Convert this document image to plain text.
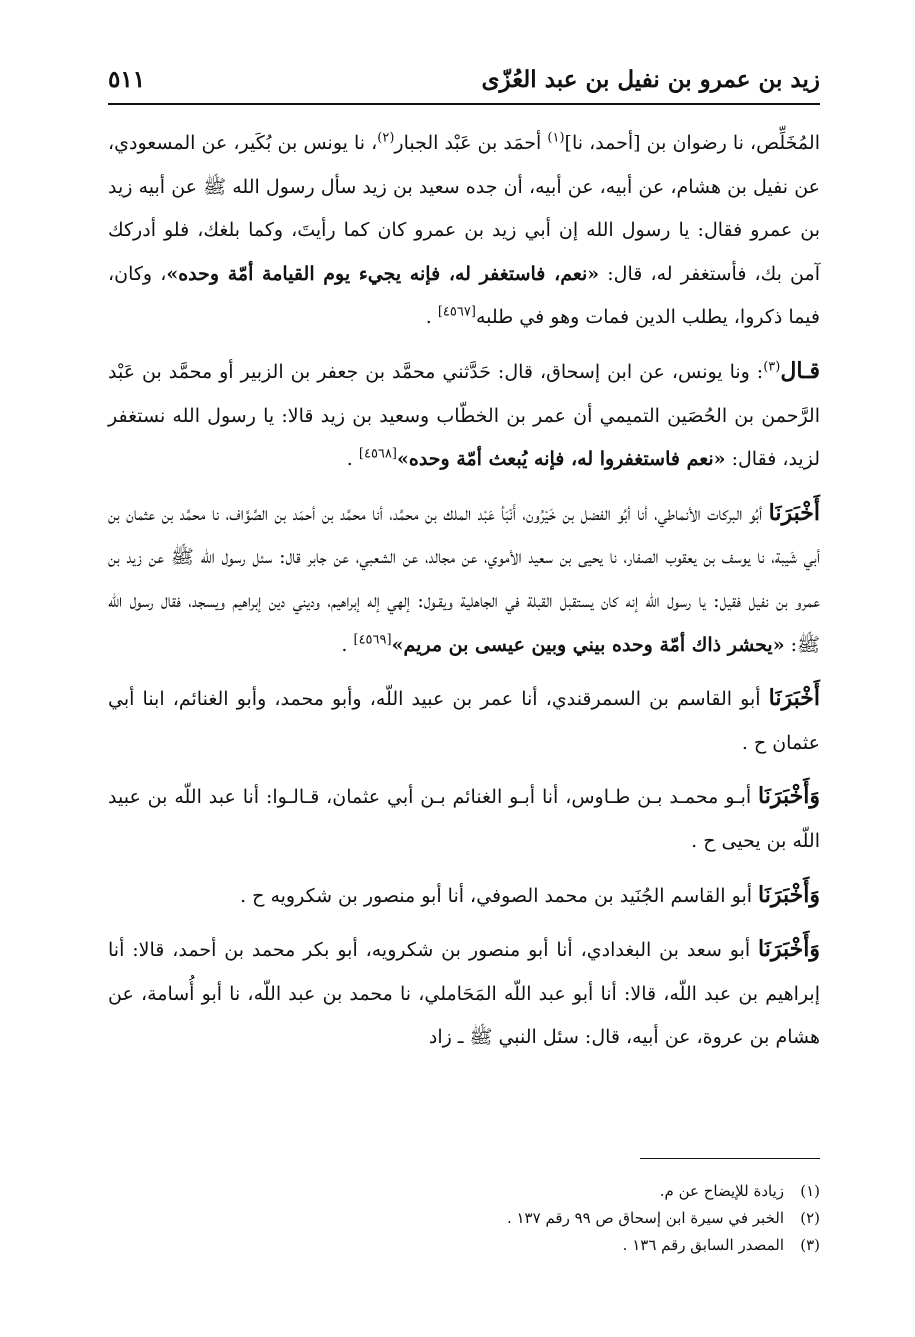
زيد بن عمرو بن نفيل بن عبد العُزّى
٥١١

المُخَلِّص، نا رضوان بن [أحمد، نا]$^{(١)}$ أحمَد بن عَبْد الجبار$^{(٢)}$، نا يونس بن بُكَير، عن المسعودي، عن نفيل بن هشام، عن أبيه، عن أبيه، أن جده سعيد بن زيد سأل رسول الله ﷺ عن أبيه زيد بن عمرو فقال: يا رسول الله إن أبي زيد بن عمرو كان كما رأيتَ، وكما بلغك، فلو أدركك آمن بك، فأستغفر له، قال: «نعم، فاستغفر له، فإنه يجيء يوم القيامة أمّة وحده»، وكان، فيما ذكروا، يطلب الدين فمات وهو في طلبه[٤٥٦٧] .

قـال$^{(٣)}$: ونا يونس، عن ابن إسحاق، قال: حَدَّثني محمَّد بن جعفر بن الزبير أو محمَّد بن عَبْد الرَّحمن بن الحُصَين التميمي أن عمر بن الخطّاب وسعيد بن زيد قالا: يا رسول الله نستغفر لزيد، فقال: «نعم فاستغفروا له، فإنه يُبعث أمّة وحده»[٤٥٦٨] .

أَخْبَرَنَا أبُو البركات الأنماطي، أنا أبُو الفضل بن خَيْرُون، أَنْبَأ عَبْد الملك بن محمَّد، أنا محمَّد بن أحمَد بن الصَّوَّاف، نا محمَّد بن عثمان بن أبي شَيبة، نا يوسف بن يعقوب الصفار، نا يحيى بن سعيد الأموي، عن مجالد، عن الشعبي، عن جابر قال: سئل رسول الله ﷺ عن زيد بن عمرو بن نفيل فقيل: يا رسول الله إنه كان يستقبل القبلة في الجاهلية ويقـول: إلهي إله إبراهيم، وديني دين إبراهيم ويسجد، فقال رسول الله ﷺ: «يحشر ذاك أمّة وحده بيني وبين عيسى بن مريم»[٤٥٦٩] .

أَخْبَرَنَا أبو القاسم بن السمرقندي، أنا عمر بن عبيد اللّه، وأبو محمد، وأبو الغنائم، ابنا أبي عثمان ح .

وَأَخْبَرَنَا أبـو محمـد بـن طـاوس، أنا أبـو الغنائم بـن أبي عثمان، قـالـوا: أنا عبد اللّه بن عبيد اللّه بن يحيى ح .

وَأَخْبَرَنَا أبو القاسم الجُنَيد بن محمد الصوفي، أنا أبو منصور بن شكرويه ح .

وَأَخْبَرَنَا أبو سعد بن البغدادي، أنا أبو منصور بن شكرويه، أبو بكر محمد بن أحمد، قالا: أنا إبراهيم بن عبد اللّه، قالا: أنا أبو عبد اللّه المَحَاملي، نا محمد بن عبد اللّه، نا أبو أُسامة، عن هشام بن عروة، عن أبيه، قال: سئل النبي ﷺ ـ زاد

(١)زيادة للإيضاح عن م.
(٢)الخبر في سيرة ابن إسحاق ص ٩٩ رقم ١٣٧ .
(٣)المصدر السابق رقم ١٣٦ .
